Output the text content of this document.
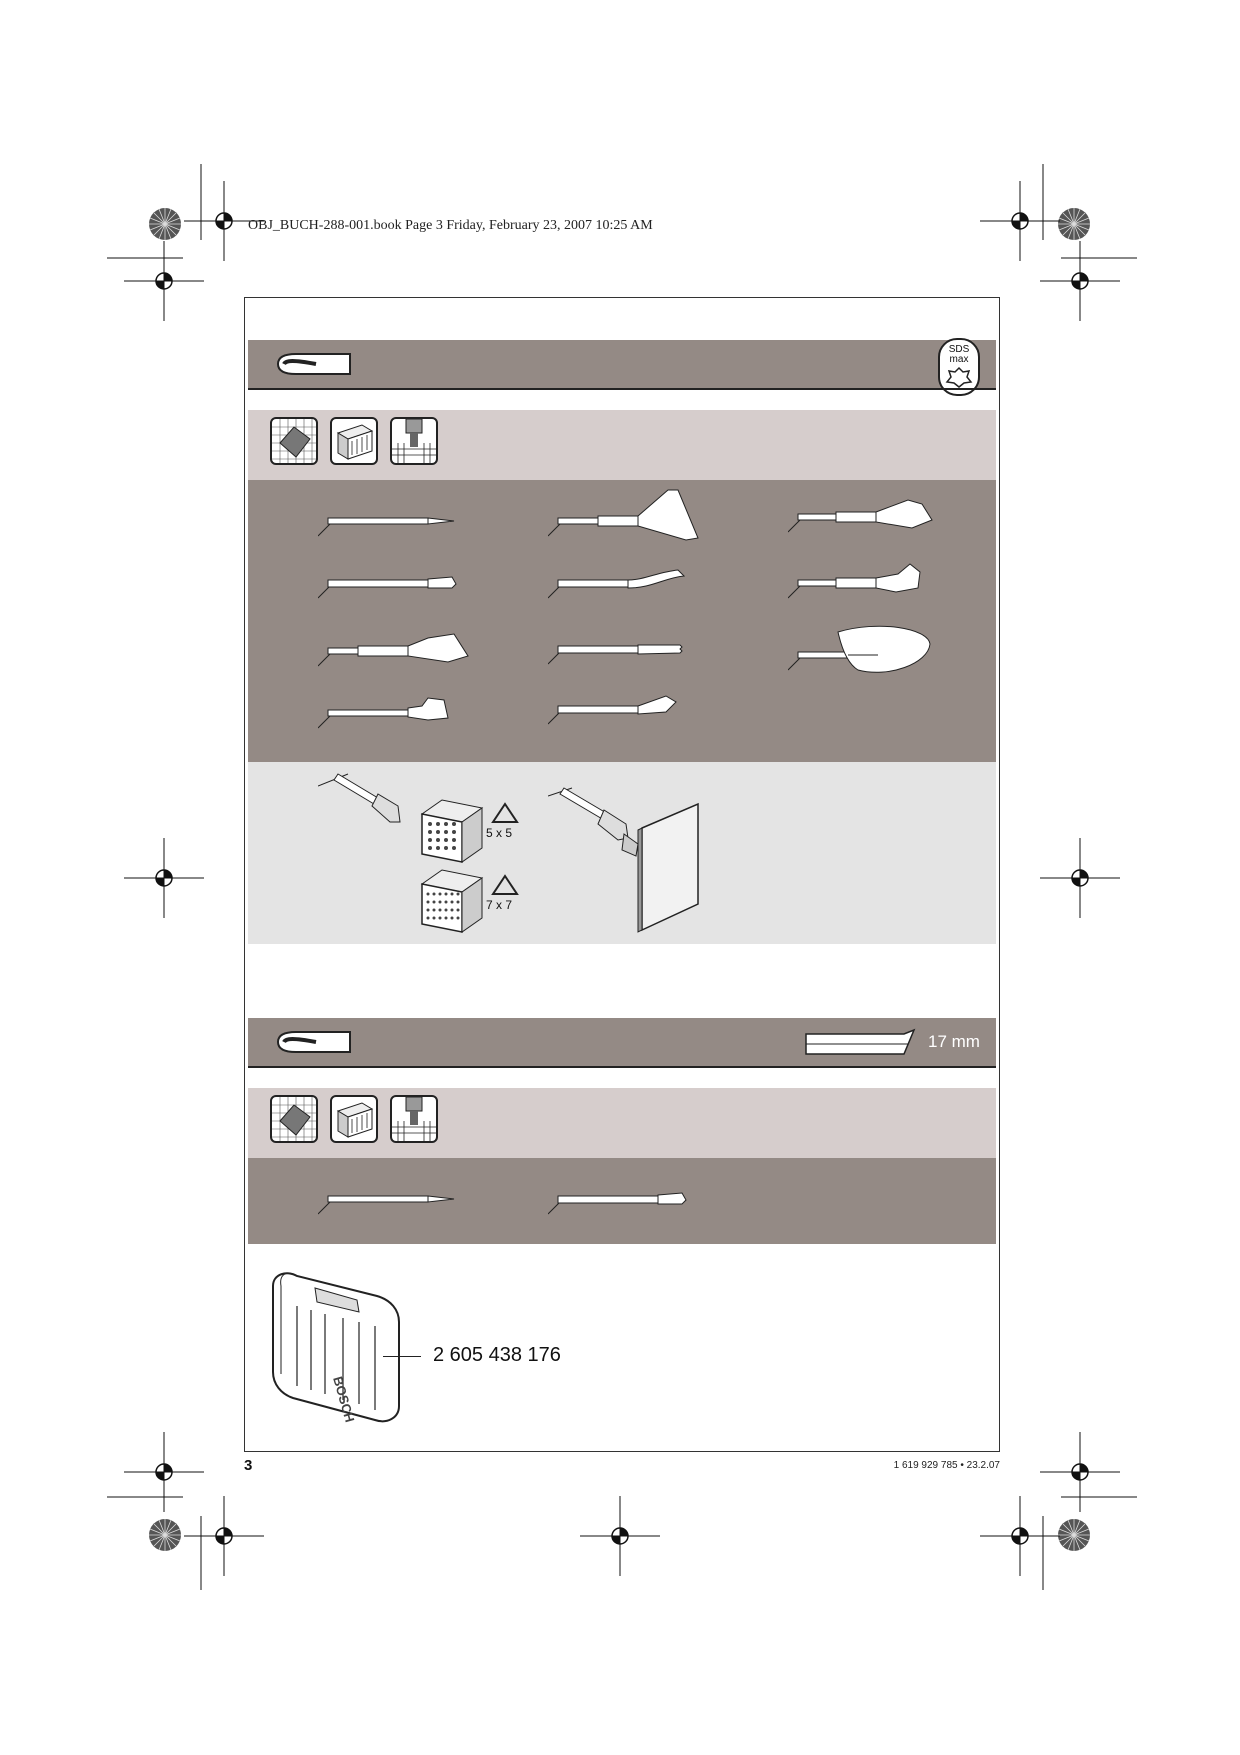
OBJ_BUCH-288-001.book Page 3 Friday, February 23, 2007 10:25 AM
SDS
max
5 x 5
7 x 7
17 mm
BOSCH
2 605 438 176
3	1 619 929 785 • 23.2.07
